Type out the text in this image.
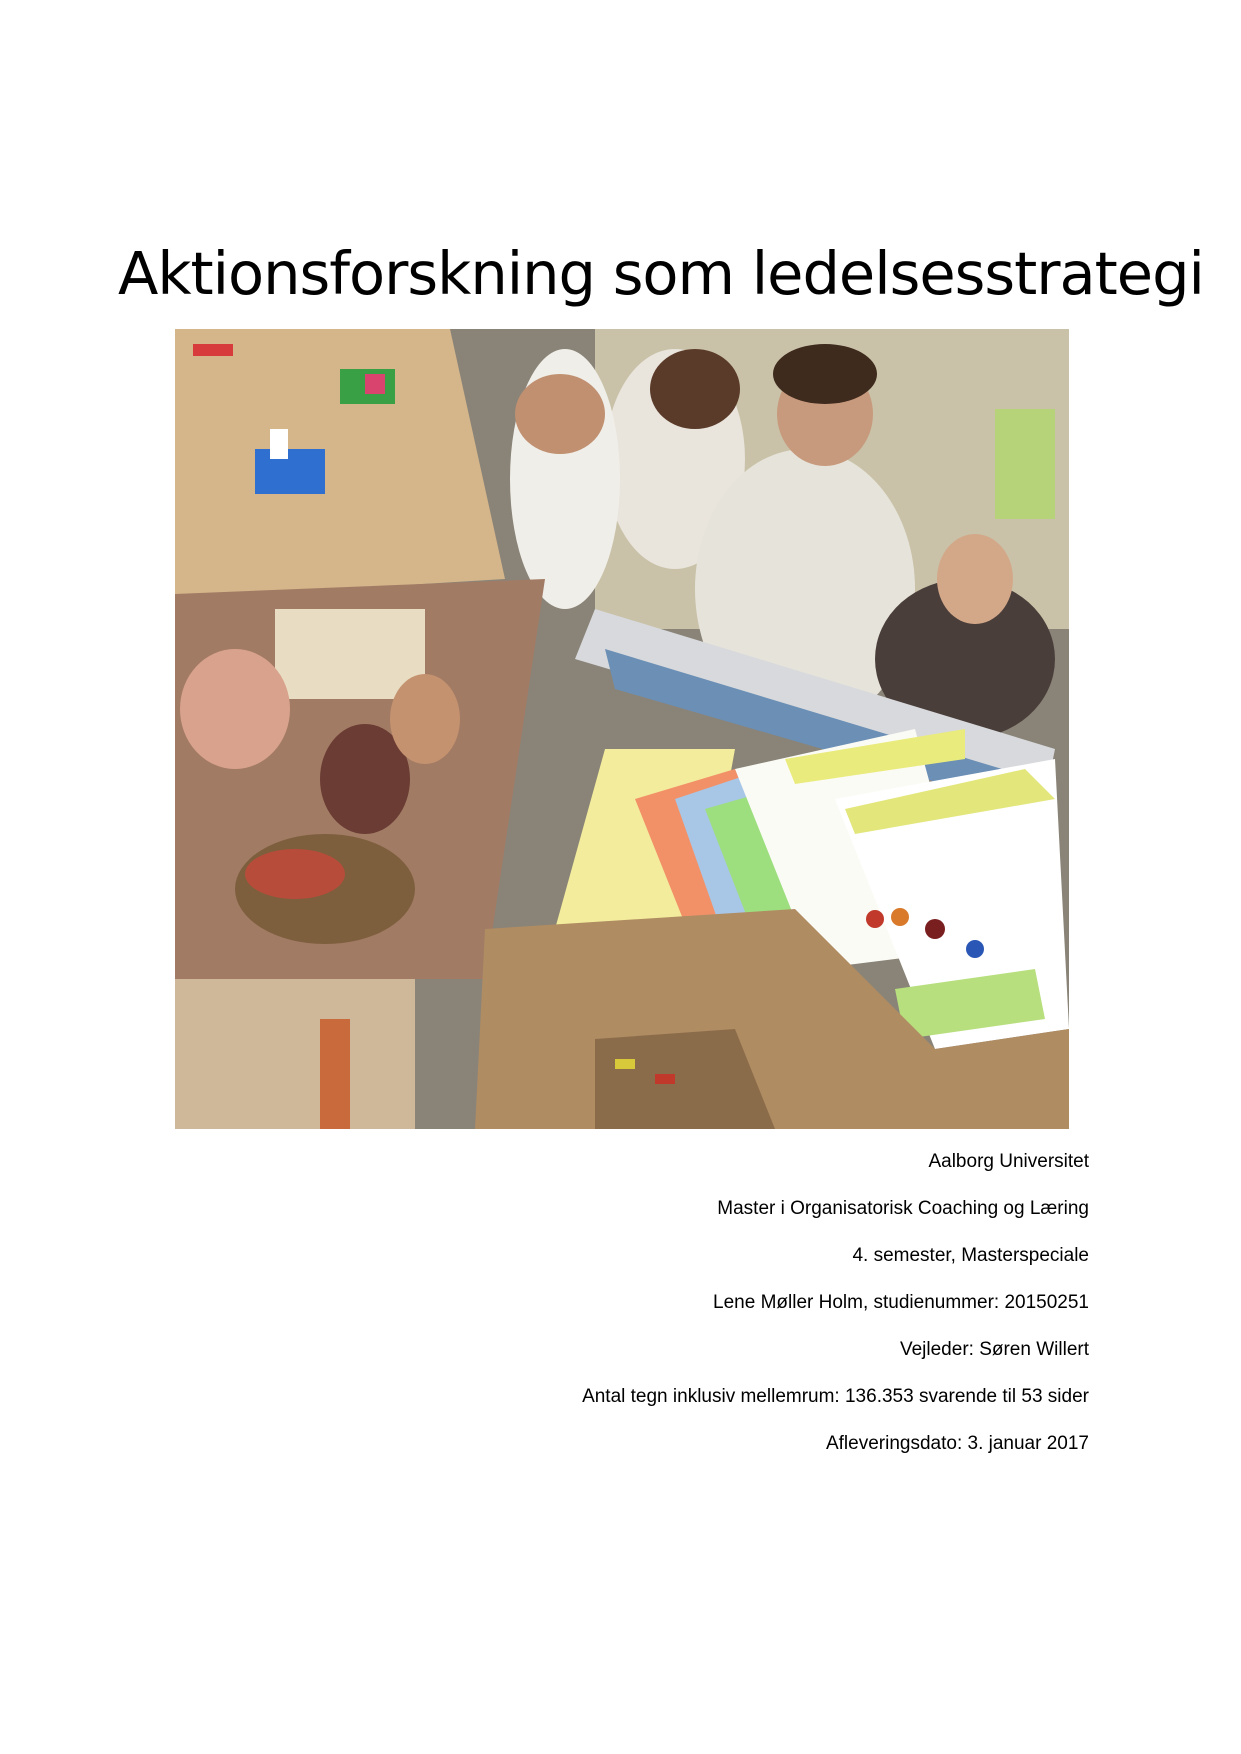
Aktionsforskning som ledelsesstrategi

Aalborg Universitet

Master i Organisatorisk Coaching og Læring

4. semester, Masterspeciale

Lene Møller Holm, studienummer: 20150251

Vejleder: Søren Willert

Antal tegn inklusiv mellemrum: 136.353 svarende til 53 sider

Afleveringsdato: 3. januar 2017
